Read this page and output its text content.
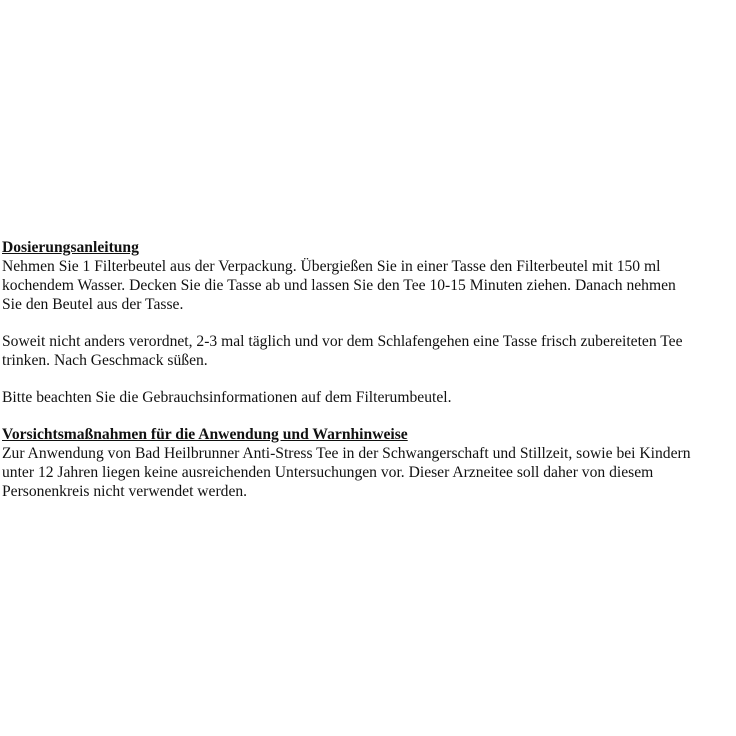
Dosierungsanleitung

Nehmen Sie 1 Filterbeutel aus der Verpackung. Übergießen Sie in einer Tasse den Filterbeutel mit 150 ml
kochendem Wasser. Decken Sie die Tasse ab und lassen Sie den Tee 10-15 Minuten ziehen. Danach nehmen
Sie den Beutel aus der Tasse.

Soweit nicht anders verordnet, 2-3 mal täglich und vor dem Schlafengehen eine Tasse frisch zubereiteten Tee
trinken. Nach Geschmack süßen.

Bitte beachten Sie die Gebrauchsinformationen auf dem Filterumbeutel.

Vorsichtsmaßnahmen für die Anwendung und Warnhinweise

Zur Anwendung von Bad Heilbrunner Anti-Stress Tee in der Schwangerschaft und Stillzeit, sowie bei Kindern
unter 12 Jahren liegen keine ausreichenden Untersuchungen vor. Dieser Arzneitee soll daher von diesem
Personenkreis nicht verwendet werden.
